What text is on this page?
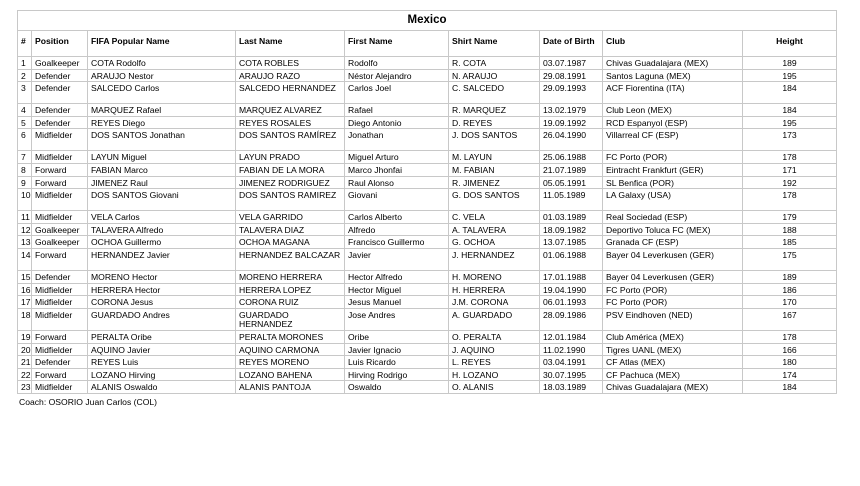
Mexico
#	Position	FIFA Popular Name	Last Name	First Name	Shirt Name	Date of Birth	Club	Height
1	Goalkeeper	COTA Rodolfo	COTA ROBLES	Rodolfo	R. COTA	03.07.1987	Chivas Guadalajara (MEX)	189
2	Defender	ARAUJO Nestor	ARAUJO RAZO	Néstor Alejandro	N. ARAUJO	29.08.1991	Santos Laguna (MEX)	195
3	Defender	SALCEDO Carlos	SALCEDO HERNANDEZ	Carlos Joel	C. SALCEDO	29.09.1993	ACF Fiorentina (ITA)	184
4	Defender	MARQUEZ Rafael	MARQUEZ ALVAREZ	Rafael	R. MARQUEZ	13.02.1979	Club Leon (MEX)	184
5	Defender	REYES Diego	REYES ROSALES	Diego Antonio	D. REYES	19.09.1992	RCD Espanyol (ESP)	195
6	Midfielder	DOS SANTOS Jonathan	DOS SANTOS RAMÍREZ	Jonathan	J. DOS SANTOS	26.04.1990	Villarreal CF (ESP)	173
7	Midfielder	LAYUN Miguel	LAYUN PRADO	Miguel Arturo	M. LAYUN	25.06.1988	FC Porto (POR)	178
8	Forward	FABIAN Marco	FABIAN DE LA MORA	Marco Jhonfai	M. FABIAN	21.07.1989	Eintracht Frankfurt (GER)	171
9	Forward	JIMENEZ Raul	JIMENEZ RODRIGUEZ	Raul Alonso	R. JIMENEZ	05.05.1991	SL Benfica (POR)	192
10	Midfielder	DOS SANTOS Giovani	DOS SANTOS RAMIREZ	Giovani	G. DOS SANTOS	11.05.1989	LA Galaxy (USA)	178
11	Midfielder	VELA Carlos	VELA GARRIDO	Carlos Alberto	C. VELA	01.03.1989	Real Sociedad (ESP)	179
12	Goalkeeper	TALAVERA Alfredo	TALAVERA DIAZ	Alfredo	A. TALAVERA	18.09.1982	Deportivo Toluca FC (MEX)	188
13	Goalkeeper	OCHOA Guillermo	OCHOA MAGANA	Francisco Guillermo	G. OCHOA	13.07.1985	Granada CF (ESP)	185
14	Forward	HERNANDEZ Javier	HERNANDEZ BALCAZAR	Javier	J. HERNANDEZ	01.06.1988	Bayer 04 Leverkusen (GER)	175
15	Defender	MORENO Hector	MORENO HERRERA	Hector Alfredo	H. MORENO	17.01.1988	Bayer 04 Leverkusen (GER)	189
16	Midfielder	HERRERA Hector	HERRERA LOPEZ	Hector Miguel	H. HERRERA	19.04.1990	FC Porto (POR)	186
17	Midfielder	CORONA Jesus	CORONA RUIZ	Jesus Manuel	J.M. CORONA	06.01.1993	FC Porto (POR)	170
18	Midfielder	GUARDADO Andres	GUARDADO HERNANDEZ	Jose Andres	A. GUARDADO	28.09.1986	PSV Eindhoven (NED)	167
19	Forward	PERALTA Oribe	PERALTA MORONES	Oribe	O. PERALTA	12.01.1984	Club América (MEX)	178
20	Midfielder	AQUINO Javier	AQUINO CARMONA	Javier Ignacio	J. AQUINO	11.02.1990	Tigres UANL (MEX)	166
21	Defender	REYES Luis	REYES MORENO	Luis Ricardo	L. REYES	03.04.1991	CF Atlas (MEX)	180
22	Forward	LOZANO Hirving	LOZANO BAHENA	Hirving Rodrigo	H. LOZANO	30.07.1995	CF Pachuca (MEX)	174
23	Midfielder	ALANIS Oswaldo	ALANIS PANTOJA	Oswaldo	O. ALANIS	18.03.1989	Chivas Guadalajara (MEX)	184
Coach: OSORIO Juan Carlos (COL)
